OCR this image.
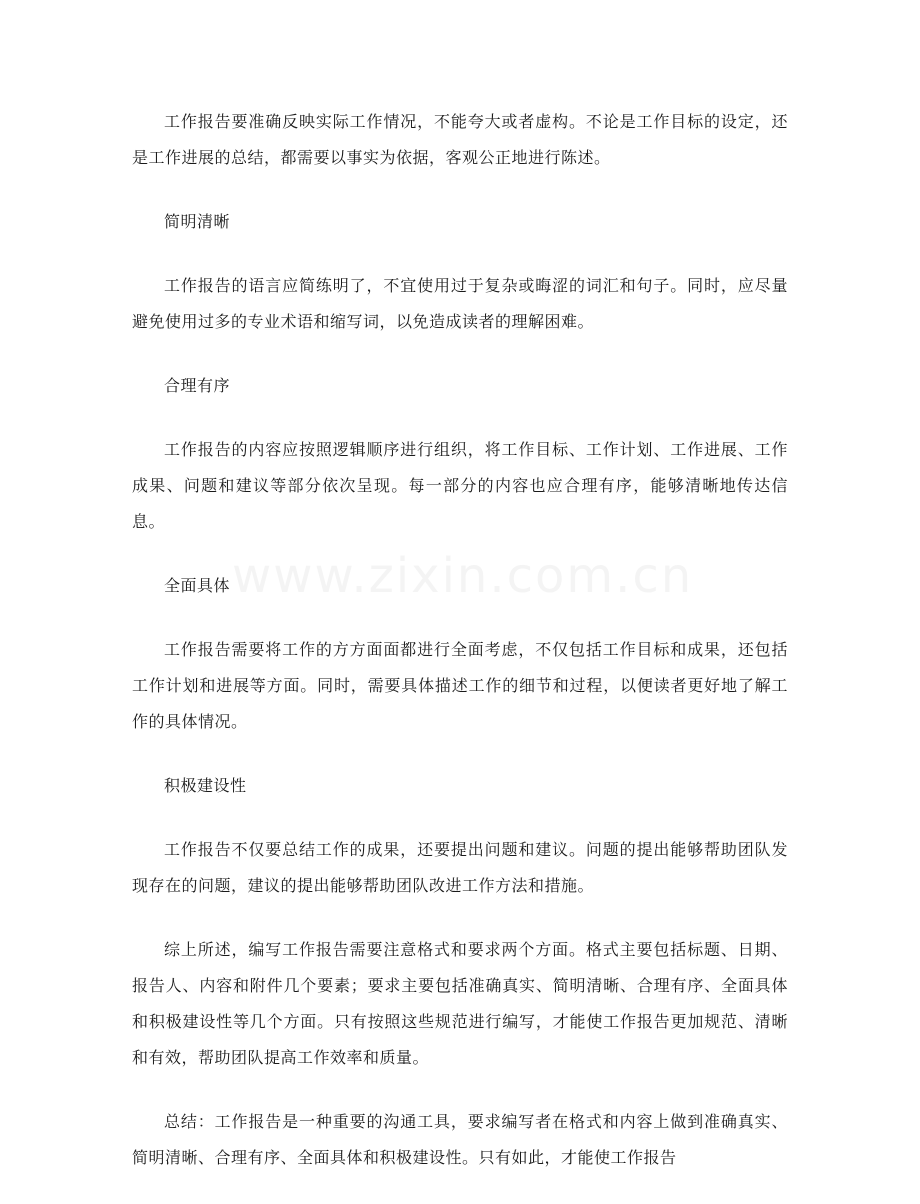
工作报告要准确反映实际工作情况，不能夸大或者虚构。不论是工作目标的设定，还是工作进展的总结，都需要以事实为依据，客观公正地进行陈述。

简明清晰

工作报告的语言应简练明了，不宜使用过于复杂或晦涩的词汇和句子。同时，应尽量避免使用过多的专业术语和缩写词，以免造成读者的理解困难。

合理有序

工作报告的内容应按照逻辑顺序进行组织，将工作目标、工作计划、工作进展、工作成果、问题和建议等部分依次呈现。每一部分的内容也应合理有序，能够清晰地传达信息。

全面具体

工作报告需要将工作的方方面面都进行全面考虑，不仅包括工作目标和成果，还包括工作计划和进展等方面。同时，需要具体描述工作的细节和过程，以便读者更好地了解工作的具体情况。

积极建设性

工作报告不仅要总结工作的成果，还要提出问题和建议。问题的提出能够帮助团队发现存在的问题，建议的提出能够帮助团队改进工作方法和措施。

综上所述，编写工作报告需要注意格式和要求两个方面。格式主要包括标题、日期、报告人、内容和附件几个要素；要求主要包括准确真实、简明清晰、合理有序、全面具体和积极建设性等几个方面。只有按照这些规范进行编写，才能使工作报告更加规范、清晰和有效，帮助团队提高工作效率和质量。

总结：工作报告是一种重要的沟通工具，要求编写者在格式和内容上做到准确真实、简明清晰、合理有序、全面具体和积极建设性。只有如此，才能使工作报告

www.zixin.com.cn
